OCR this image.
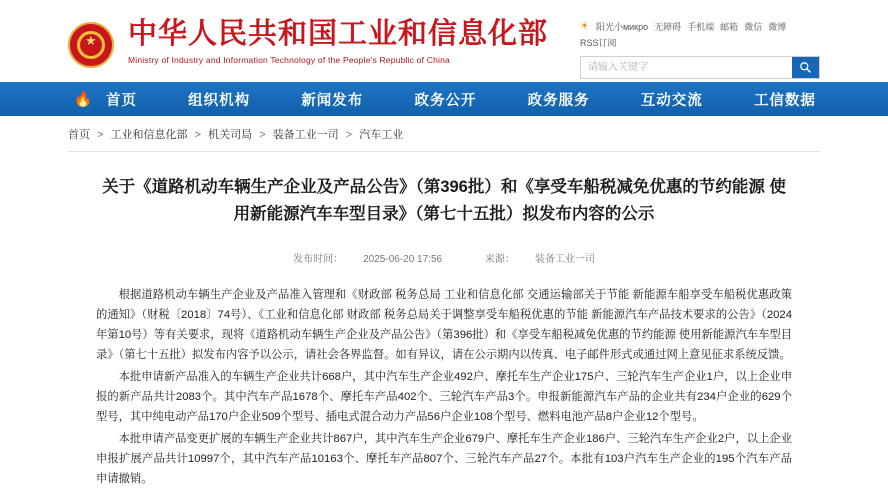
★ 中华人民共和国工业和信息化部
Ministry of Industry and Information Technology of the People's Republic of China
☀ 阳光小микро 无障碍 手机端 邮箱 微信 微博
RSS订阅
请输入关键字
🔥 首页	组织机构	新闻发布	政务公开	政务服务	互动交流	工信数据
首页 > 工业和信息化部 > 机关司局 > 装备工业一司 > 汽车工业
关于《道路机动车辆生产企业及产品公告》（第396批）和《享受车船税减免优惠的节约能源 使用新能源汽车车型目录》（第七十五批）拟发布内容的公示
发布时间： 2025-06-20 17:56	来源： 装备工业一司

根据道路机动车辆生产企业及产品准入管理和《财政部 税务总局 工业和信息化部 交通运输部关于节能 新能源车船享受车船税优惠政策的通知》（财税〔2018〕74号）、《工业和信息化部 财政部 税务总局关于调整享受车船税优惠的节能 新能源汽车产品技术要求的公告》（2024年第10号）等有关要求，现将《道路机动车辆生产企业及产品公告》（第396批）和《享受车船税减免优惠的节约能源 使用新能源汽车车型目录》（第七十五批）拟发布内容予以公示，请社会各界监督。如有异议，请在公示期内以传真、电子邮件形式或通过网上意见征求系统反馈。

本批申请新产品准入的车辆生产企业共计668户，其中汽车生产企业492户、摩托车生产企业175户、三轮汽车生产企业1户，以上企业申报的新产品共计2083个。其中汽车产品1678个、摩托车产品402个、三轮汽车产品3个。申报新能源汽车产品的企业共有234户企业的629个型号，其中纯电动产品170户企业509个型号、插电式混合动力产品56户企业108个型号、燃料电池产品8户企业12个型号。

本批申请产品变更扩展的车辆生产企业共计867户，其中汽车生产企业679户、摩托车生产企业186户、三轮汽车生产企业2户，以上企业申报扩展产品共计10997个，其中汽车产品10163个、摩托车产品807个、三轮汽车产品27个。本批有103户汽车生产企业的195个汽车产品申请撤销。
